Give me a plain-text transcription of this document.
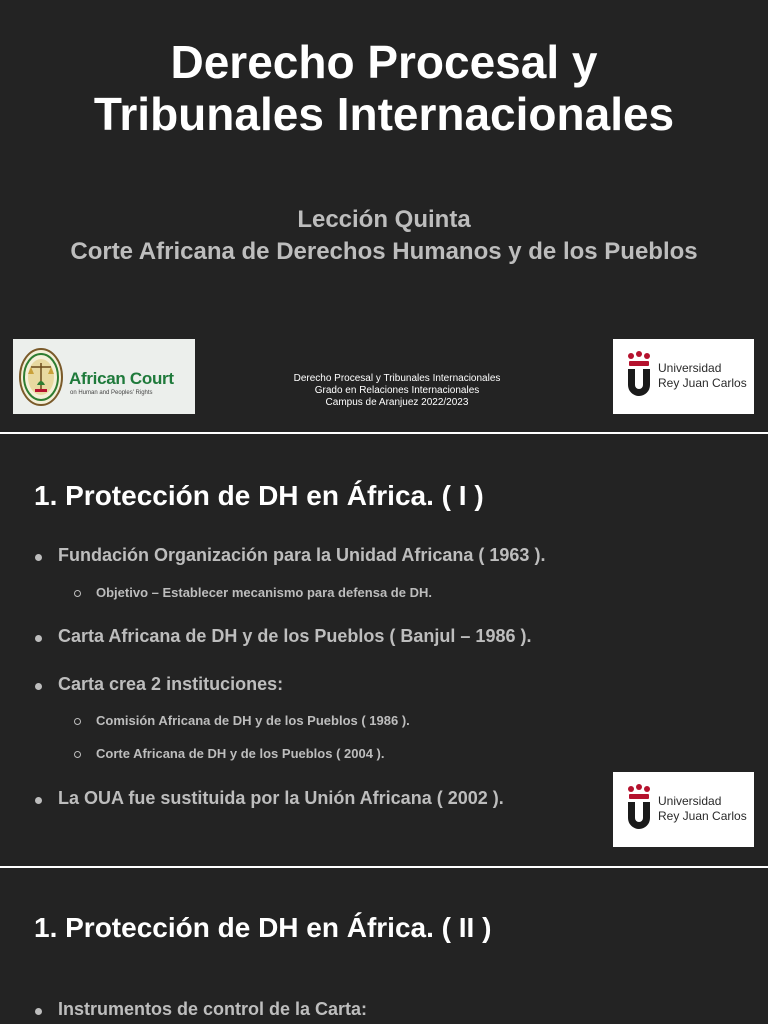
Derecho Procesal y
Tribunales Internacionales
Lección Quinta
Corte Africana de Derechos Humanos y de los Pueblos
African Court
on Human and Peoples' Rights
Derecho Procesal y Tribunales Internacionales
Grado en Relaciones Internacionales
Campus de Aranjuez 2022/2023
Universidad
Rey Juan Carlos
1. Protección de DH en África. ( I )
Fundación Organización para la Unidad Africana ( 1963 ).
Objetivo – Establecer mecanismo para defensa de DH.
Carta Africana de DH y de los Pueblos ( Banjul – 1986 ).
Carta crea 2 instituciones:
Comisión Africana de DH y de los Pueblos ( 1986 ).
Corte Africana de DH y de los Pueblos ( 2004 ).
La OUA fue sustituida por la Unión Africana ( 2002 ).	Universidad
Rey Juan Carlos
1. Protección de DH en África. ( II )
Instrumentos de control de la Carta:
